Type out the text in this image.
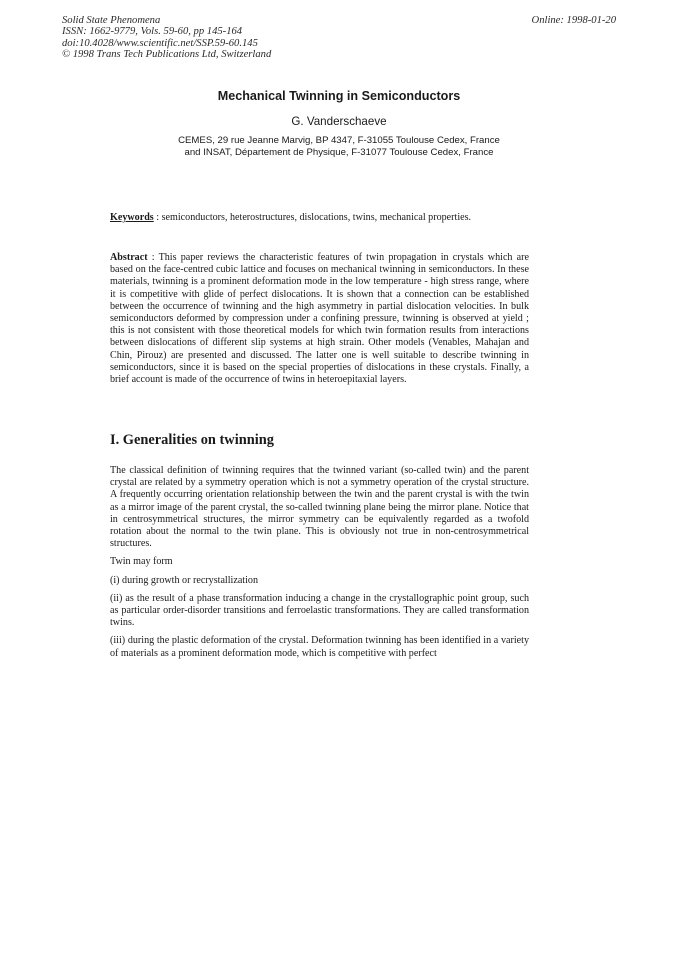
Solid State Phenomena
ISSN: 1662-9779, Vols. 59-60, pp 145-164
doi:10.4028/www.scientific.net/SSP.59-60.145
© 1998 Trans Tech Publications Ltd, Switzerland
Online: 1998-01-20
Mechanical Twinning in Semiconductors
G. Vanderschaeve
CEMES, 29 rue Jeanne Marvig, BP 4347, F-31055 Toulouse Cedex, France
and INSAT, Département de Physique, F-31077 Toulouse Cedex, France
Keywords : semiconductors, heterostructures, dislocations, twins, mechanical properties.
Abstract : This paper reviews the characteristic features of twin propagation in crystals which are based on the face-centred cubic lattice and focuses on mechanical twinning in semiconductors. In these materials, twinning is a prominent deformation mode in the low temperature - high stress range, where it is competitive with glide of perfect dislocations. It is shown that a connection can be established between the occurrence of twinning and the high asymmetry in partial dislocation velocities. In bulk semiconductors deformed by compression under a confining pressure, twinning is observed at yield ; this is not consistent with those theoretical models for which twin formation results from interactions between dislocations of different slip systems at high strain. Other models (Venables, Mahajan and Chin, Pirouz) are presented and discussed. The latter one is well suitable to describe twinning in semiconductors, since it is based on the special properties of dislocations in these crystals. Finally, a brief account is made of the occurrence of twins in heteroepitaxial layers.
I. Generalities on twinning

The classical definition of twinning requires that the twinned variant (so-called twin) and the parent crystal are related by a symmetry operation which is not a symmetry operation of the crystal structure. A frequently occurring orientation relationship between the twin and the parent crystal is with the twin as a mirror image of the parent crystal, the so-called twinning plane being the mirror plane. Notice that in centrosymmetrical structures, the mirror symmetry can be equivalently regarded as a twofold rotation about the normal to the twin plane. This is obviously not true in non-centrosymmetrical structures.

Twin may form

(i) during growth or recrystallization

(ii) as the result of a phase transformation inducing a change in the crystallographic point group, such as particular order-disorder transitions and ferroelastic transformations. They are called transformation twins.

(iii) during the plastic deformation of the crystal. Deformation twinning has been identified in a variety of materials as a prominent deformation mode, which is competitive with perfect
